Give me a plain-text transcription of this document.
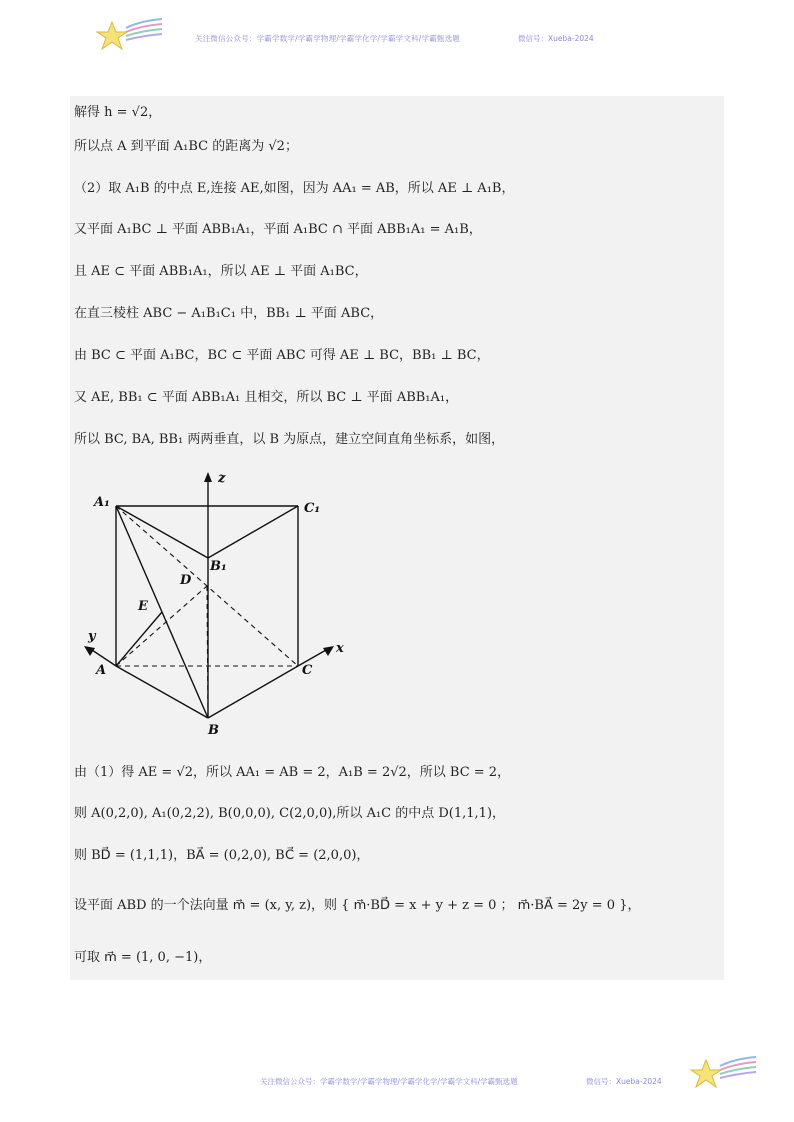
关注微信公众号：学霸学数学/学霸学物理/学霸学化学/学霸学文科/学霸甄选题	微信号：Xueba-2024
解得 h = √2，
所以点 A 到平面 A₁BC 的距离为 √2；
（2）取 A₁B 的中点 E,连接 AE,如图，因为 AA₁ = AB，所以 AE ⊥ A₁B，
又平面 A₁BC ⊥ 平面 ABB₁A₁，平面 A₁BC ∩ 平面 ABB₁A₁ = A₁B，
且 AE ⊂ 平面 ABB₁A₁，所以 AE ⊥ 平面 A₁BC，
在直三棱柱 ABC − A₁B₁C₁ 中，BB₁ ⊥ 平面 ABC，
由 BC ⊂ 平面 A₁BC，BC ⊂ 平面 ABC 可得 AE ⊥ BC，BB₁ ⊥ BC，
又 AE, BB₁ ⊂ 平面 ABB₁A₁ 且相交，所以 BC ⊥ 平面 ABB₁A₁，
所以 BC, BA, BB₁ 两两垂直，以 B 为原点，建立空间直角坐标系，如图，
A₁	C₁
B₁
D
E
A	C
B
x
y
z
由（1）得 AE = √2，所以 AA₁ = AB = 2，A₁B = 2√2，所以 BC = 2，
则 A(0,2,0), A₁(0,2,2), B(0,0,0), C(2,0,0),所以 A₁C 的中点 D(1,1,1)，
则 BD⃗ = (1,1,1)，BA⃗ = (0,2,0), BC⃗ = (2,0,0)，
设平面 ABD 的一个法向量 m⃗ = (x, y, z)，则 { m⃗·BD⃗ = x + y + z = 0 ； m⃗·BA⃗ = 2y = 0 }，
可取 m⃗ = (1, 0, −1)，
关注微信公众号：学霸学数学/学霸学物理/学霸学化学/学霸学文科/学霸甄选题	微信号：Xueba-2024
